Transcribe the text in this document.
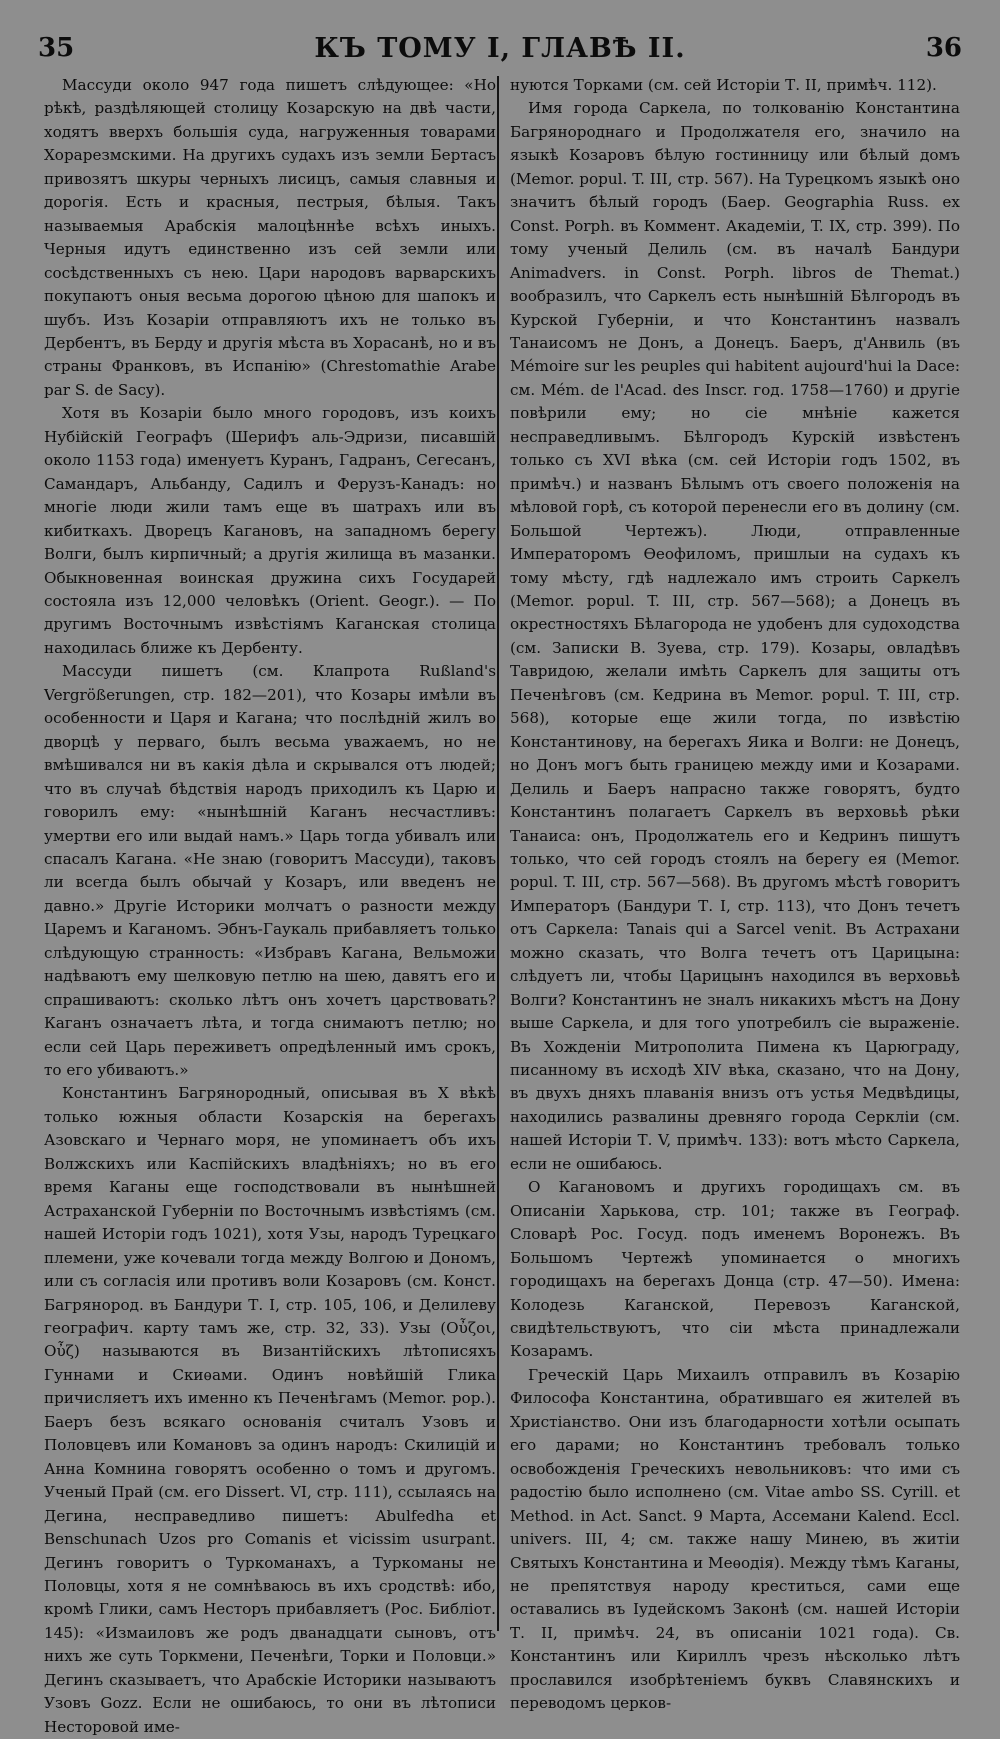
35	КЪ ТОМУ I, ГЛАВѢ II.	36

Массуди около 947 года пишетъ слѣдующее: «Но рѣкѣ, раздѣляющей столицу Козарскую на двѣ части, ходятъ вверхъ большія суда, нагруженныя товарами Хорарезмскими. На другихъ судахъ изъ земли Бертасъ привозятъ шкуры черныхъ лисицъ, самыя славныя и дорогія. Есть и красныя, пестрыя, бѣлыя. Такъ называемыя Арабскія малоцѣннѣе всѣхъ иныхъ. Черныя идутъ единственно изъ сей земли или сосѣдственныхъ съ нею. Цари народовъ варварскихъ покупаютъ оныя весьма дорогою цѣною для шапокъ и шубъ. Изъ Козаріи отправляютъ ихъ не только въ Дербентъ, въ Берду и другія мѣста въ Хорасанѣ, но и въ страны Франковъ, въ Испанію» (Chrestomathie Arabe par S. de Sacy).

Хотя въ Козаріи было много городовъ, изъ коихъ Нубійскій Географъ (Шерифъ аль-Эдризи, писавшій около 1153 года) именуетъ Куранъ, Гадранъ, Сегесанъ, Самандаръ, Альбанду, Садилъ и Ферузъ-Канадъ: но многіе люди жили тамъ еще въ шатрахъ или въ кибиткахъ. Дворецъ Кагановъ, на западномъ берегу Волги, былъ кирпичный; а другія жилища въ мазанки. Обыкновенная воинская дружина сихъ Государей состояла изъ 12,000 человѣкъ (Orient. Geogr.). — По другимъ Восточнымъ извѣстіямъ Каганская столица находилась ближе къ Дербенту.

Массуди пишетъ (см. Клапрота Rußland's Vergrößerungen, стр. 182—201), что Козары имѣли въ особенности и Царя и Кагана; что послѣдній жилъ во дворцѣ у перваго, былъ весьма уважаемъ, но не вмѣшивался ни въ какія дѣла и скрывался отъ людей; что въ случаѣ бѣдствія народъ приходилъ къ Царю и говорилъ ему: «нынѣшній Каганъ несчастливъ: умертви его или выдай намъ.» Царь тогда убивалъ или спасалъ Кагана. «Не знаю (говоритъ Массуди), таковъ ли всегда былъ обычай у Козаръ, или введенъ не давно.» Другіе Историки молчатъ о разности между Царемъ и Каганомъ. Эбнъ-Гаукаль прибавляетъ только слѣдующую странность: «Избравъ Кагана, Вельможи надѣваютъ ему шелковую петлю на шею, давятъ его и спрашиваютъ: сколько лѣтъ онъ хочетъ царствовать? Каганъ означаетъ лѣта, и тогда снимаютъ петлю; но если сей Царь переживетъ опредѣленный имъ срокъ, то его убиваютъ.»

Константинъ Багрянородный, описывая въ X вѣкѣ только южныя области Козарскія на берегахъ Азовскаго и Чернаго моря, не упоминаетъ объ ихъ Волжскихъ или Каспійскихъ владѣніяхъ; но въ его время Каганы еще господствовали въ нынѣшней Астраханской Губерніи по Восточнымъ извѣстіямъ (см. нашей Исторіи годъ 1021), хотя Узы, народъ Турецкаго племени, уже кочевали тогда между Волгою и Дономъ, или съ согласія или противъ воли Козаровъ (см. Конст. Багрянород. въ Бандури Т. I, стр. 105, 106, и Делилеву географич. карту тамъ же, стр. 32, 33). Узы (Οὖζοι, Οὖζ) называются въ Византійскихъ лѣтописяхъ Гуннами и Скиѳами. Одинъ новѣйшій Глика причисляетъ ихъ именно къ Печенѣгамъ (Memor. pop.). Баеръ безъ всякаго основанія считалъ Узовъ и Половцевъ или Комановъ за одинъ народъ: Скилицій и Анна Комнина говорятъ особенно о томъ и другомъ. Ученый Прай (см. его Dissert. VI, стр. 111), ссылаясь на Дегина, несправедливо пишетъ: Abulfedha et Benschunach Uzos pro Comanis et vicissim usurpant. Дегинъ говоритъ о Туркоманахъ, а Туркоманы не Половцы, хотя я не сомнѣваюсь въ ихъ сродствѣ: ибо, кромѣ Глики, самъ Несторъ прибавляетъ (Рос. Библіот. 145): «Измаиловъ же родъ дванадцати сыновъ, отъ нихъ же суть Торкмени, Печенѣги, Торки и Половци.» Дегинъ сказываетъ, что Арабскіе Историки называютъ Узовъ Gozz. Если не ошибаюсь, то они въ лѣтописи Несторовой име-

нуются Торками (см. сей Исторіи Т. II, примѣч. 112).

Имя города Саркела, по толкованію Константина Багрянороднаго и Продолжателя его, значило на языкѣ Козаровъ бѣлую гостинницу или бѣлый домъ (Memor. popul. T. III, стр. 567). На Турецкомъ языкѣ оно значитъ бѣлый городъ (Баер. Geographia Russ. ex Const. Porph. въ Коммент. Академіи, T. IX, стр. 399). По тому ученый Делиль (см. въ началѣ Бандури Animadvers. in Const. Porph. libros de Themat.) вообразилъ, что Саркелъ есть нынѣшній Бѣлгородъ въ Курской Губерніи, и что Константинъ назвалъ Танаисомъ не Донъ, а Донецъ. Баеръ, д'Анвиль (въ Mémoire sur les peuples qui habitent aujourd'hui la Dace: см. Mém. de l'Acad. des Inscr. год. 1758—1760) и другіе повѣрили ему; но сіе мнѣніе кажется несправедливымъ. Бѣлгородъ Курскій извѣстенъ только съ XVI вѣка (см. сей Исторіи годъ 1502, въ примѣч.) и названъ Бѣлымъ отъ своего положенія на мѣловой горѣ, съ которой перенесли его въ долину (см. Большой Чертежъ). Люди, отправленные Императоромъ Ѳеофиломъ, пришлыи на судахъ къ тому мѣсту, гдѣ надлежало имъ строить Саркелъ (Memor. popul. T. III, стр. 567—568); а Донецъ въ окрестностяхъ Бѣлагорода не удобенъ для судоходства (см. Записки В. Зуева, стр. 179). Козары, овладѣвъ Тавридою, желали имѣть Саркелъ для защиты отъ Печенѣговъ (см. Кедрина въ Memor. popul. T. III, стр. 568), которые еще жили тогда, по извѣстію Константинову, на берегахъ Яика и Волги: не Донецъ, но Донъ могъ быть границею между ими и Козарами. Делиль и Баеръ напрасно также говорятъ, будто Константинъ полагаетъ Саркелъ въ верховьѣ рѣки Танаиса: онъ, Продолжатель его и Кедринъ пишутъ только, что сей городъ стоялъ на берегу ея (Memor. popul. T. III, стр. 567—568). Въ другомъ мѣстѣ говоритъ Императоръ (Бандури Т. I, стр. 113), что Донъ течетъ отъ Саркела: Tanais qui a Sarcel venit. Въ Астрахани можно сказать, что Волга течетъ отъ Царицына: слѣдуетъ ли, чтобы Царицынъ находился въ верховьѣ Волги? Константинъ не зналъ никакихъ мѣстъ на Дону выше Саркела, и для того употребилъ сіе выраженіе. Въ Хожденіи Митрополита Пимена къ Царюграду, писанному въ исходѣ XIV вѣка, сказано, что на Дону, въ двухъ дняхъ плаванія внизъ отъ устья Медвѣдицы, находились развалины древняго города Серкліи (см. нашей Исторіи Т. V, примѣч. 133): вотъ мѣсто Саркела, если не ошибаюсь.

О Кагановомъ и другихъ городищахъ см. въ Описаніи Харькова, стр. 101; также въ Географ. Словарѣ Рос. Госуд. подъ именемъ Воронежъ. Въ Большомъ Чертежѣ упоминается о многихъ городищахъ на берегахъ Донца (стр. 47—50). Имена: Колодезь Каганской, Перевозъ Каганской, свидѣтельствуютъ, что сіи мѣста принадлежали Козарамъ.

Греческій Царь Михаилъ отправилъ въ Козарію Философа Константина, обратившаго ея жителей въ Христіанство. Они изъ благодарности хотѣли осыпать его дарами; но Константинъ требовалъ только освобожденія Греческихъ невольниковъ: что ими съ радостію было исполнено (см. Vitae ambo SS. Cyrill. et Method. in Act. Sanct. 9 Марта, Ассемани Kalend. Eccl. univers. III, 4; см. также нашу Минею, въ житіи Святыхъ Константина и Меѳодія). Между тѣмъ Каганы, не препятствуя народу креститься, сами еще оставались въ Іудейскомъ Законѣ (см. нашей Исторіи Т. II, примѣч. 24, въ описаніи 1021 года). Св. Константинъ или Кириллъ чрезъ нѣсколько лѣтъ прославился изобрѣтеніемъ буквъ Славянскихъ и переводомъ церков-
